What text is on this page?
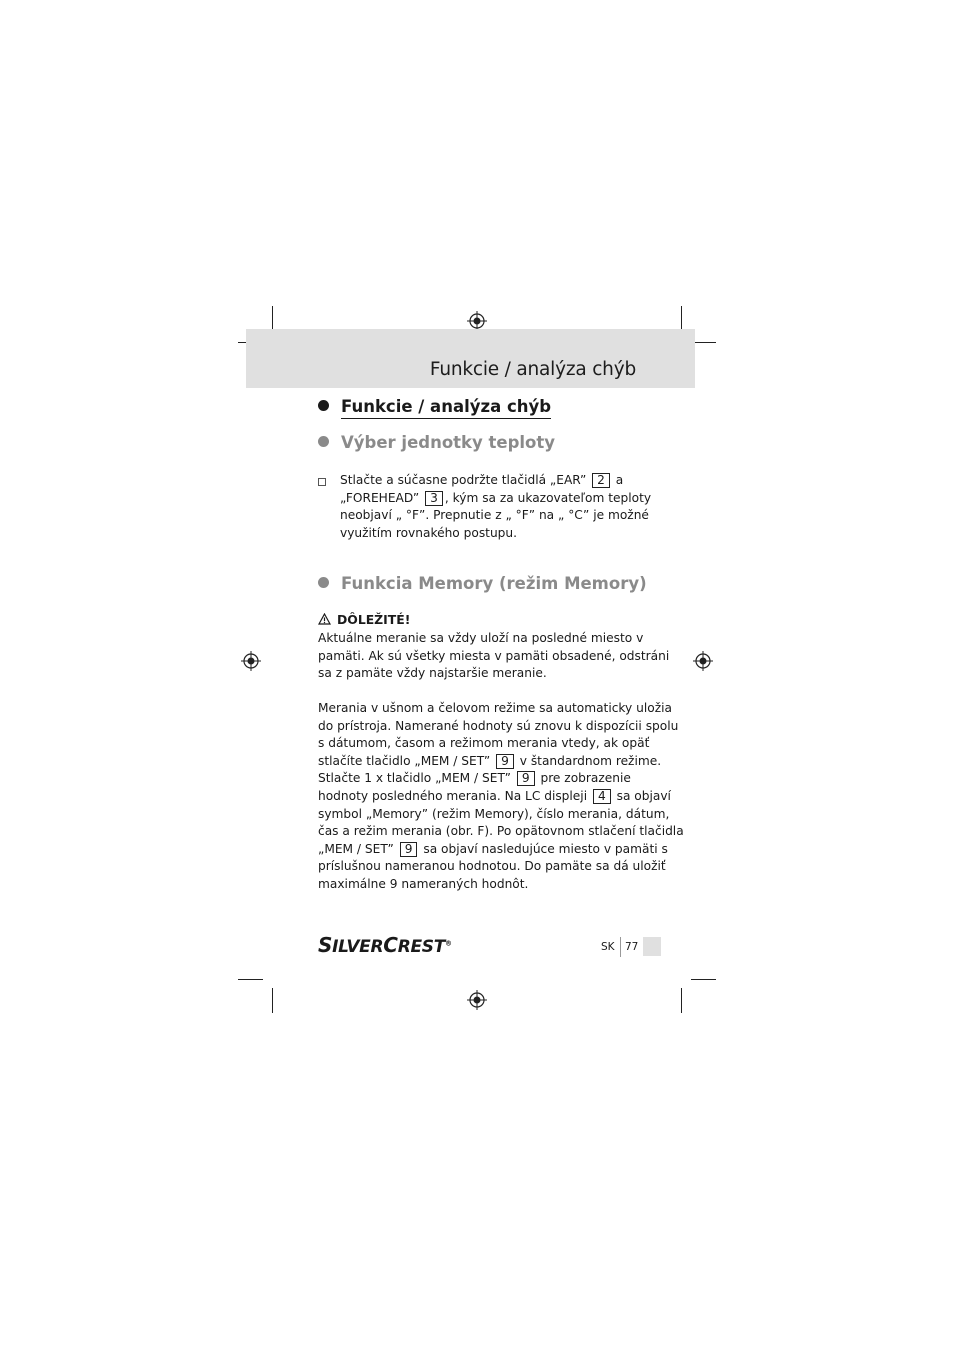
Funkcie / analýza chýb
Funkcie / analýza chýb
Výber jednotky teploty
Stlačte a súčasne podržte tlačidlá „EAR” 2 a
„FOREHEAD” 3 , kým sa za ukazovateľom teploty
neobjaví „ °F”. Prepnutie z „ °F” na „ °C” je možné
využitím rovnakého postupu.
Funkcia Memory (režim Memory)
DÔLEŽITÉ!
Aktuálne meranie sa vždy uloží na posledné miesto v
pamäti. Ak sú všetky miesta v pamäti obsadené, odstráni
sa z pamäte vždy najstaršie meranie.
Merania v ušnom a čelovom režime sa automaticky uložia
do prístroja. Namerané hodnoty sú znovu k dispozícii spolu
s dátumom, časom a režimom merania vtedy, ak opäť
stlačíte tlačidlo „MEM / SET” 9 v štandardnom režime.
Stlačte 1 x tlačidlo „MEM / SET” 9 pre zobrazenie
hodnoty posledného merania. Na LC displeji 4 sa objaví
symbol „Memory” (režim Memory), číslo merania, dátum,
čas a režim merania (obr. F). Po opätovnom stlačení tlačidla
„MEM / SET” 9 sa objaví nasledujúce miesto v pamäti s
príslušnou nameranou hodnotou. Do pamäte sa dá uložiť
maximálne 9 nameraných hodnôt.
SILVERCREST®	SK 77
